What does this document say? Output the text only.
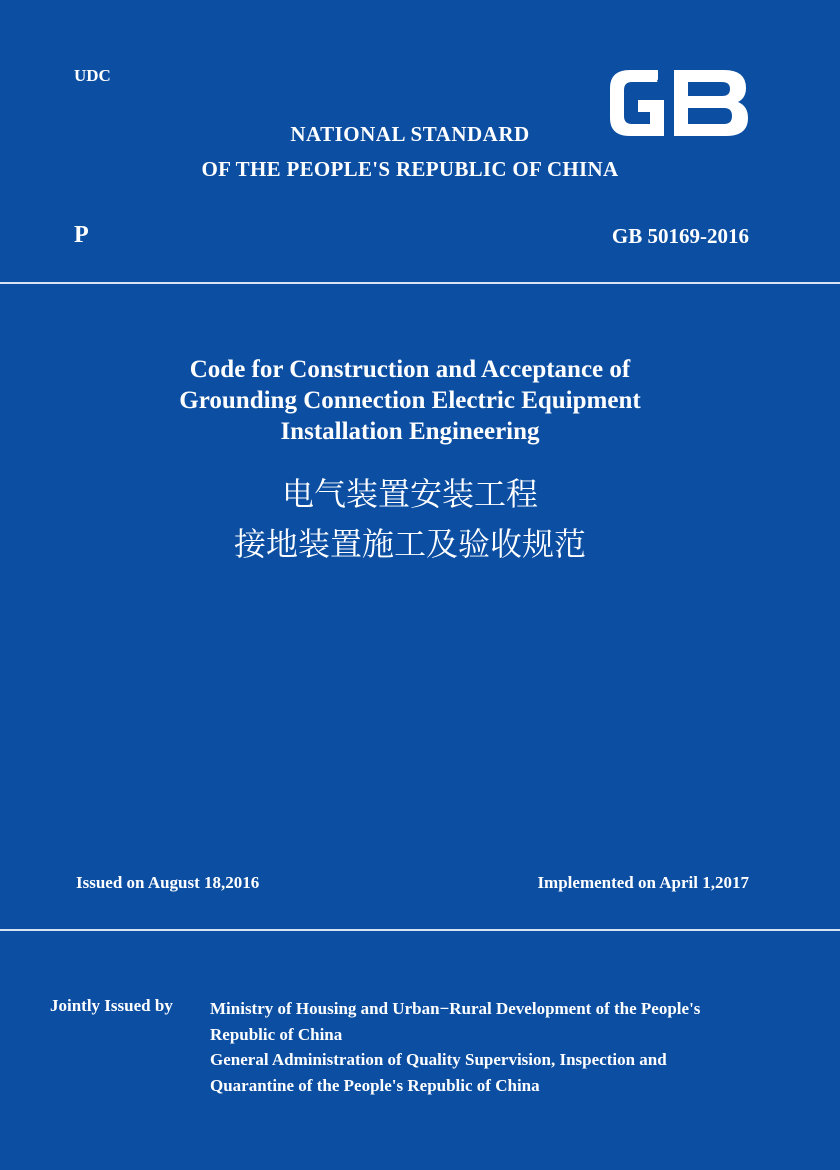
UDC
NATIONAL STANDARD
OF THE PEOPLE'S REPUBLIC OF CHINA
P	GB 50169-2016
Code for Construction and Acceptance of
Grounding Connection Electric Equipment
Installation Engineering
电气装置安装工程
接地装置施工及验收规范
Issued on August 18,2016	Implemented on April 1,2017
Jointly Issued by Ministry of Housing and Urban−Rural Development of the People's
Republic of China
General Administration of Quality Supervision, Inspection and
Quarantine of the People's Republic of China
